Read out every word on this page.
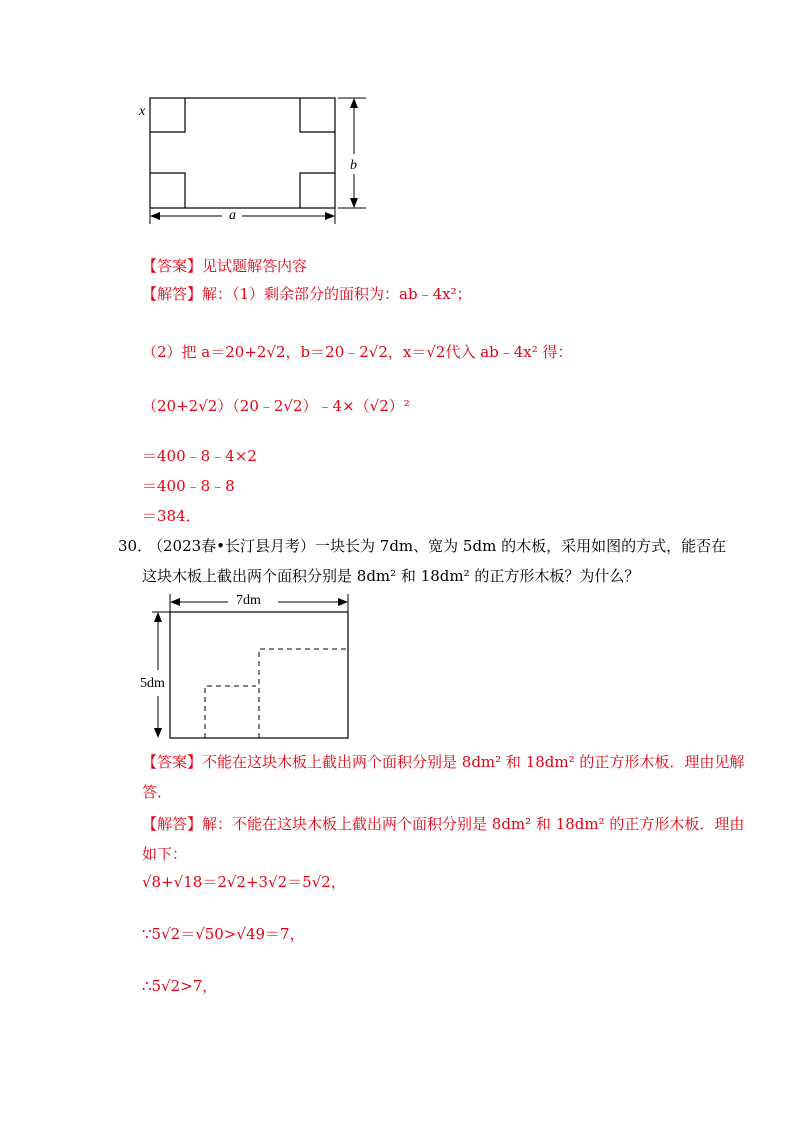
x
b
a
【答案】见试题解答内容
【解答】解：（1）剩余部分的面积为：ab﹣4x²；
（2）把 a＝20+2√2，b＝20﹣2√2，x＝√2代入 ab﹣4x² 得：
（20+2√2）（20﹣2√2）﹣4×（√2）²
＝400﹣8﹣4×2
＝400﹣8﹣8
＝384．
30．
（2023春•长汀县月考）一块长为 7dm、宽为 5dm 的木板，采用如图的方式，能否在
这块木板上截出两个面积分别是 8dm² 和 18dm² 的正方形木板？为什么？
7dm
5dm
【答案】不能在这块木板上截出两个面积分别是 8dm² 和 18dm² 的正方形木板．理由见解
答．
【解答】解：不能在这块木板上截出两个面积分别是 8dm² 和 18dm² 的正方形木板．理由
如下：
√8+√18＝2√2+3√2＝5√2，
∵5√2＝√50>√49＝7，
∴5√2>7，
